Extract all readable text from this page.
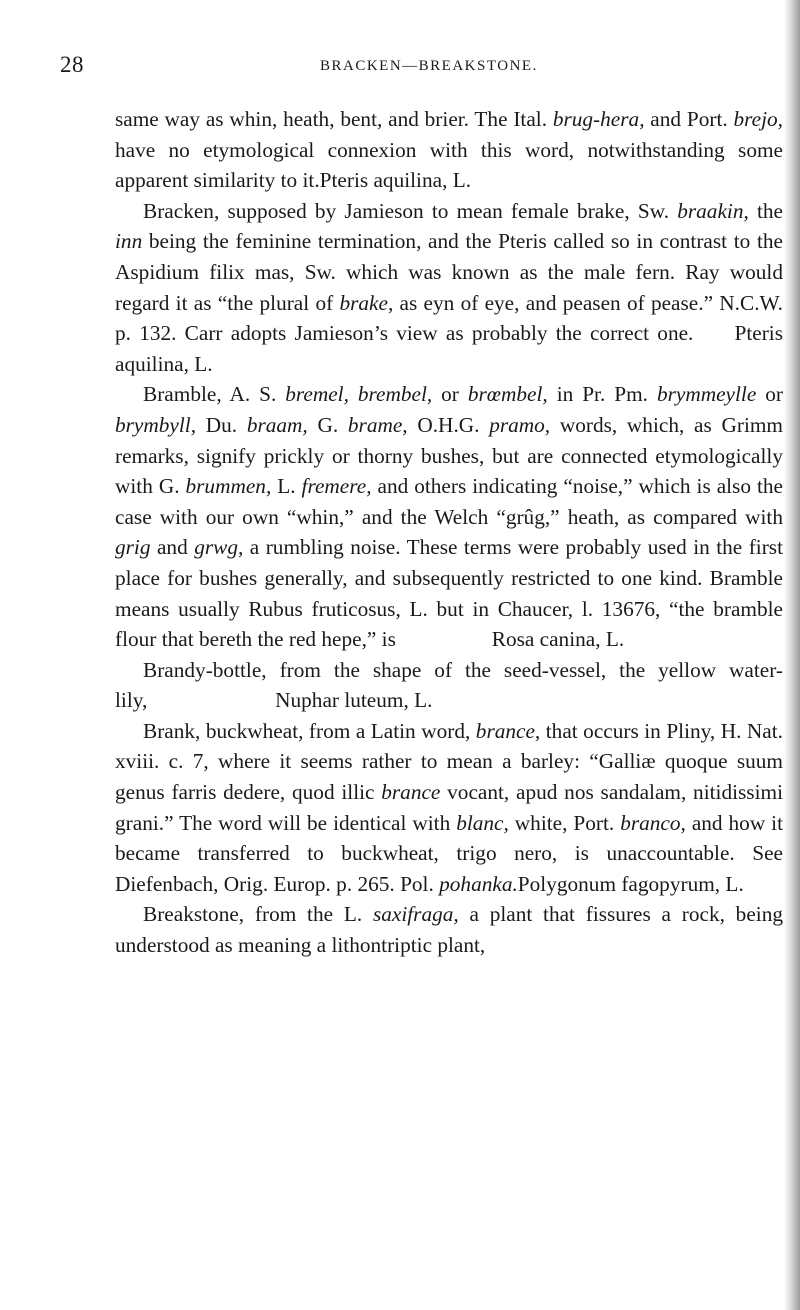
28	BRACKEN—BREAKSTONE.

same way as whin, heath, bent, and brier. The Ital. brug-hera, and Port. brejo, have no etymological connexion with this word, notwithstanding some apparent similarity to it.Pteris aquilina, L.

Bracken, supposed by Jamieson to mean female brake, Sw. braakin, the inn being the feminine termination, and the Pteris called so in contrast to the Aspidium filix mas, Sw. which was known as the male fern. Ray would regard it as “the plural of brake, as eyn of eye, and peasen of pease.” N.C.W. p. 132. Carr adopts Jamieson’s view as probably the correct one. Pteris aquilina, L.

Bramble, A. S. bremel, brembel, or brœmbel, in Pr. Pm. brymmeylle or brymbyll, Du. braam, G. brame, O.H.G. pramo, words, which, as Grimm remarks, signify prickly or thorny bushes, but are connected etymologically with G. brummen, L. fremere, and others indicating “noise,” which is also the case with our own “whin,” and the Welch “grûg,” heath, as compared with grig and grwg, a rumbling noise. These terms were probably used in the first place for bushes generally, and subsequently restricted to one kind. Bramble means usually Rubus fruticosus, L. but in Chaucer, l. 13676, “the bramble flour that bereth the red hepe,” is	Rosa canina, L.

Brandy-bottle, from the shape of the seed-vessel, the yellow water-lily,	Nuphar luteum, L.

Brank, buckwheat, from a Latin word, brance, that occurs in Pliny, H. Nat. xviii. c. 7, where it seems rather to mean a barley: “Galliæ quoque suum genus farris dedere, quod illic brance vocant, apud nos sandalam, nitidissimi grani.” The word will be identical with blanc, white, Port. branco, and how it became transferred to buckwheat, trigo nero, is unaccountable. See Diefenbach, Orig. Europ. p. 265. Pol. pohanka.Polygonum fagopyrum, L.

Breakstone, from the L. saxifraga, a plant that fissures a rock, being understood as meaning a lithontriptic plant,
